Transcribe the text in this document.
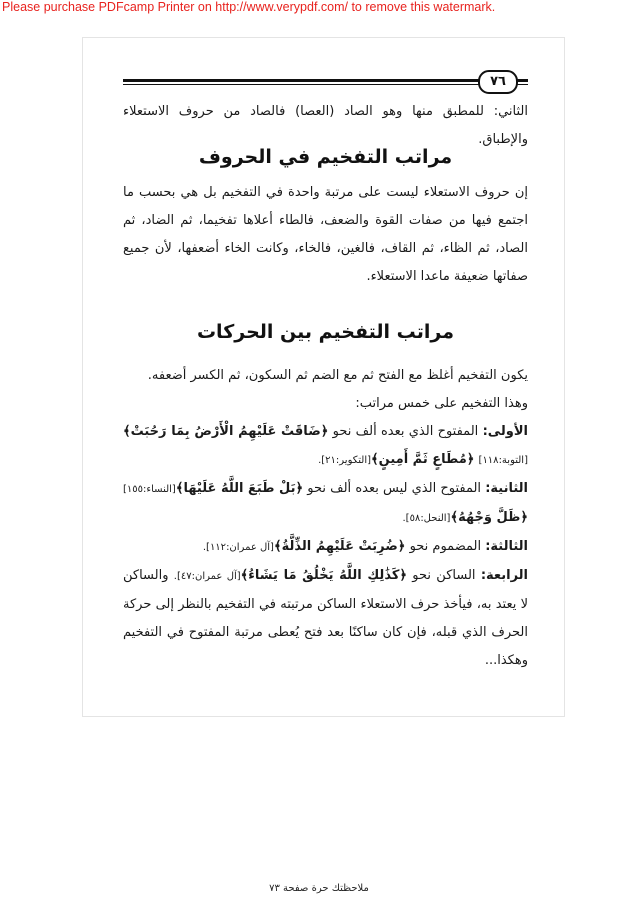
Please purchase PDFcamp Printer on http://www.verypdf.com/ to remove this watermark.

٧٦

الثاني: للمطبق منها وهو الصاد (العصا) فالصاد من حروف الاستعلاء والإطباق.

مراتب التفخيم في الحروف

إن حروف الاستعلاء ليست على مرتبة واحدة في التفخيم بل هي بحسب ما اجتمع فيها من صفات القوة والضعف، فالطاء أعلاها تفخيما، ثم الضاد، ثم الصاد، ثم الظاء، ثم القاف، فالغين، فالخاء، وكانت الخاء أضعفها، لأن جميع صفاتها ضعيفة ماعدا الاستعلاء.

مراتب التفخيم بين الحركات
يكون التفخيم أغلظ مع الفتح ثم مع الضم ثم السكون، ثم الكسر أضعفه.
وهذا التفخيم على خمس مراتب:
الأولى: المفتوح الذي بعده ألف نحو ﴿ضَاقَتْ عَلَيْهِمُ الْأَرْضُ بِمَا رَحُبَتْ﴾[التوبة:١١٨] ﴿مُطَاعٍ ثَمَّ أَمِينٍ﴾[التكوير:٢١].
الثانية: المفتوح الذي ليس بعده ألف نحو ﴿بَلْ طَبَعَ اللَّهُ عَلَيْهَا﴾[النساء:١٥٥] ﴿ظَلَّ وَجْهُهُ﴾[النحل:٥٨].
الثالثة: المضموم نحو ﴿ضُرِبَتْ عَلَيْهِمُ الذِّلَّةُ﴾[آل عمران:١١٢].
الرابعة: الساكن نحو ﴿كَذَٰلِكِ اللَّهُ يَخْلُقُ مَا يَشَاءُ﴾[آل عمران:٤٧]. والساكن لا يعتد به، فيأخذ حرف الاستعلاء الساكن مرتبته في التفخيم بالنظر إلى حركة الحرف الذي قبله، فإن كان ساكنًا بعد فتح يُعطى مرتبة المفتوح في التفخيم وهكذا...

ملاحظتك حرة صفحة ٧٣
